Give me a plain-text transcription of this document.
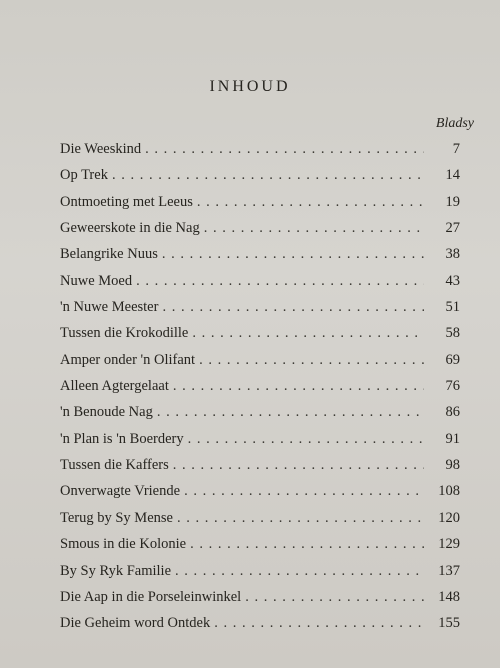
INHOUD
Bladsy
Die Weeskind . . .	7
Op Trek . . .	14
Ontmoeting met Leeus . . .	19
Geweerskote in die Nag . . .	27
Belangrike Nuus . . .	38
Nuwe Moed . . .	43
'n Nuwe Meester . . .	51
Tussen die Krokodille . . .	58
Amper onder 'n Olifant . . .	69
Alleen Agtergelaat . . .	76
'n Benoude Nag . . .	86
'n Plan is 'n Boerdery . . .	91
Tussen die Kaffers . . .	98
Onverwagte Vriende . . .	108
Terug by Sy Mense . . .	120
Smous in die Kolonie . . .	129
By Sy Ryk Familie . . .	137
Die Aap in die Porseleinwinkel . . .	148
Die Geheim word Ontdek . . .	155
